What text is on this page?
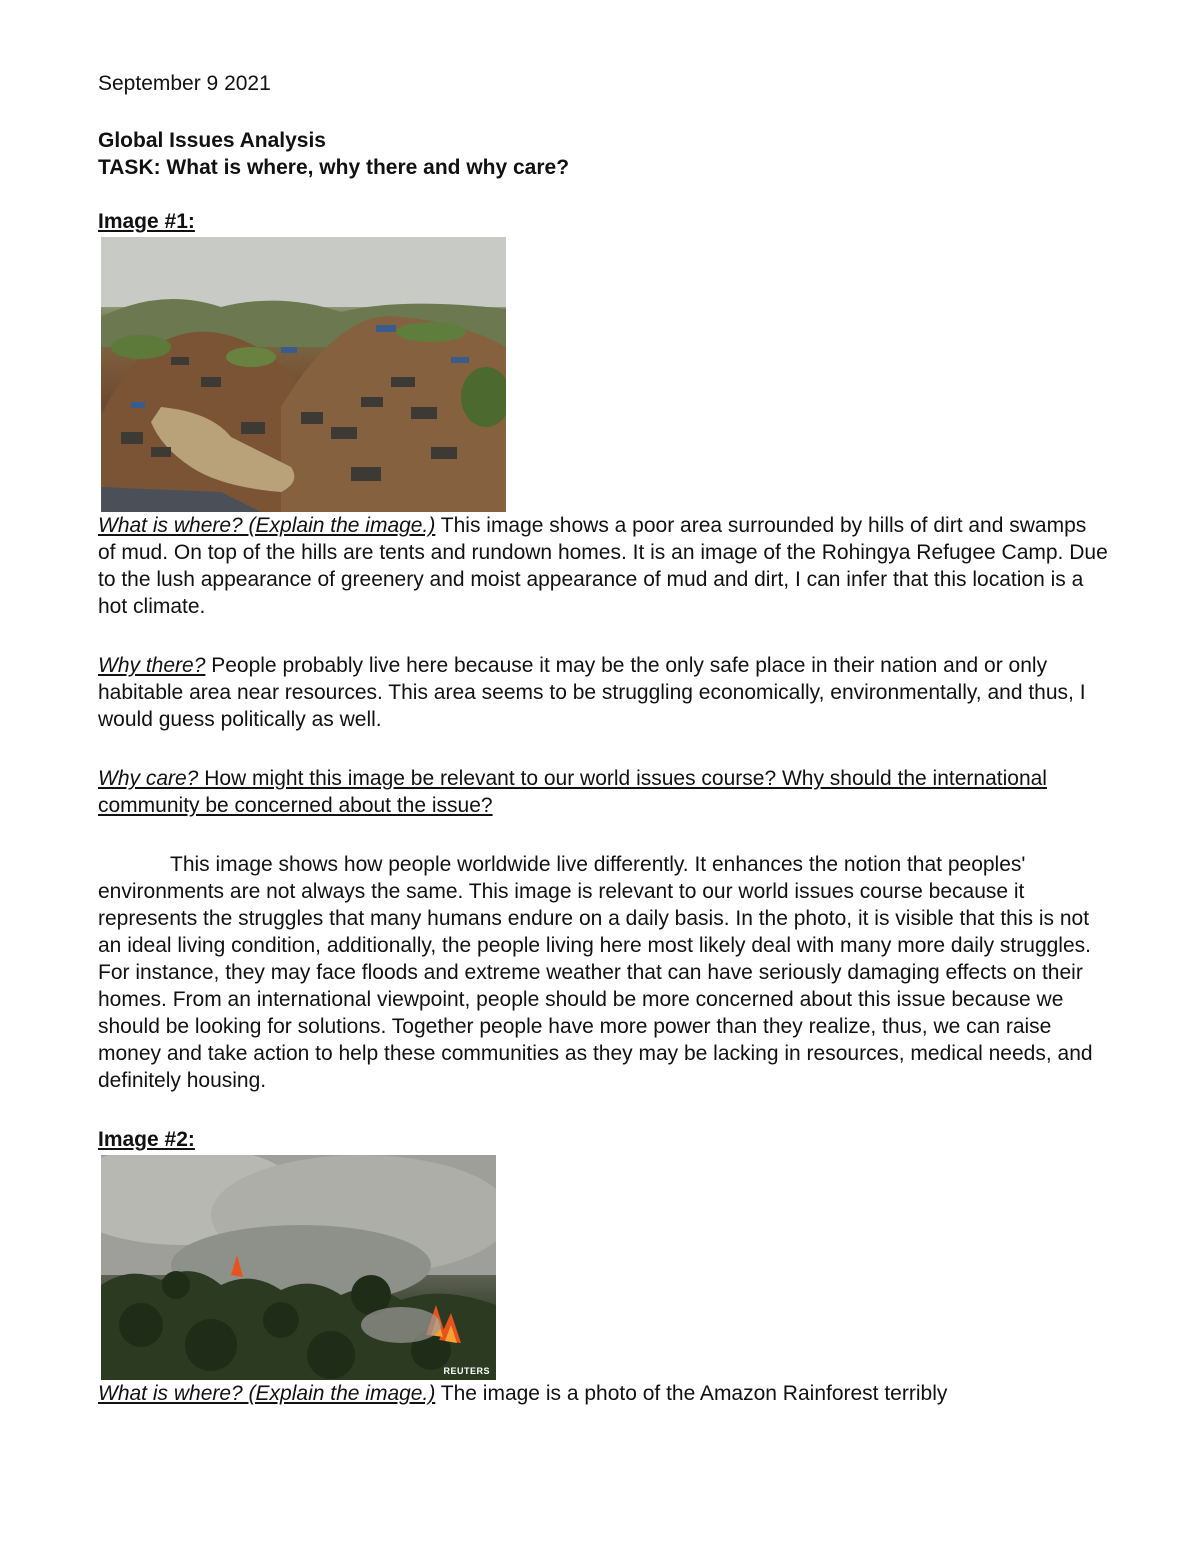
September 9 2021
Global Issues Analysis
TASK: What is where, why there and why care?
Image #1:

What is where? (Explain the image.) This image shows a poor area surrounded by hills of dirt and swamps of mud. On top of the hills are tents and rundown homes. It is an image of the Rohingya Refugee Camp. Due to the lush appearance of greenery and moist appearance of mud and dirt, I can infer that this location is a hot climate.

Why there? People probably live here because it may be the only safe place in their nation and or only habitable area near resources. This area seems to be struggling economically, environmentally, and thus, I would guess politically as well.

Why care? How might this image be relevant to our world issues course? Why should the international community be concerned about the issue?

This image shows how people worldwide live differently. It enhances the notion that peoples' environments are not always the same. This image is relevant to our world issues course because it represents the struggles that many humans endure on a daily basis. In the photo, it is visible that this is not an ideal living condition, additionally, the people living here most likely deal with many more daily struggles. For instance, they may face floods and extreme weather that can have seriously damaging effects on their homes. From an international viewpoint, people should be more concerned about this issue because we should be looking for solutions. Together people have more power than they realize, thus, we can raise money and take action to help these communities as they may be lacking in resources, medical needs, and definitely housing.

Image #2:
REUTERS

What is where? (Explain the image.) The image is a photo of the Amazon Rainforest terribly
